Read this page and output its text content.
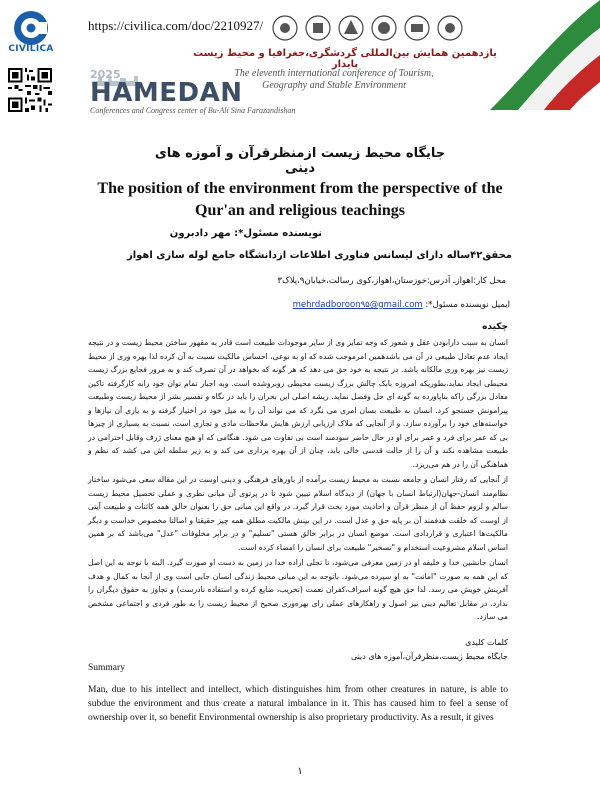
CIVILICA
https://civilica.com/doc/2210927/
یازدهمین همایش بین‌المللی گردشگری،جغرافیا و محیط زیست پایدار
The eleventh international conference of Tourism,
Geography and Stable Environment
2025
HAMEDAN
Conferences and Congress center of Bu-Ali Sina Farazandishan
جایگاه محیط زیست ازمنظرقرآن و آموزه های دینی
The position of the environment from the perspective of the Qur'an and religious teachings
نویسنده مسئول*: مهر دادبرون
محقق۴۲ساله دارای لیسانس فناوری اطلاعات ازدانشگاه جامع لوله سازی اهواز
محل کار:اهوازـ آدرس:خوزستان،اهواز،کوی رسالت،خیابان۹،پلاک۳
ایمیل نویسنده مسئول*: mehrdadboroon۹۵@gmail.com
چکیده

انسان به سبب دارابودن عقل و شعور که وجه تمایز وی از سایر موجودات طبیعت است قادر به مقهور ساختن محیط زیست و در نتیجه ایجاد عدم تعادل طبیعی در آن می باشدهمین امرموجب شده که او به نوعی، احساس مالکیت نسبت به آن کرده لذا بهره وری از محیط زیست نیز بهره وری مالکانه باشد. در نتیجه به خود حق می دهد که هر گونه که بخواهد در آن تصرف کند و به مرور فجایع بزرگ زیست محیطی ایجاد نماید،بطوریکه امروزه بابک چالش بزرگ زیست محیطی روبروشده است. وبه اجبار تمام توان خود رابه کارگرفته تاکین معادل بزرگی راکه بناپاورده به گونه ای حل وفصل نماید. ریشه اصلی این بحران را باید در نگاه و تفسیر بشر از محیط زیست وطبیعت پیرامونش جستجو کرد. انسان به طبیعت بسان امری می نگرد که می تواند آن را به میل خود در اختیار گرفته و به یاری آن نیازها و خواسته‌های خود را برآورده سازد. و از آنجایی که ملاک ارزیابی ارزش هایش ملاحظات مادی و تجاری است، نسبت به بسیاری از چیزها بی که عمر برای فرد و عمر برای او در حال حاضر سودمند است بی تفاوت می شود. هنگامی که او هیچ معنای ژرف وقابل احترامی در طبیعت مشاهده نکند و آن را از حالت قدسی خالی یابد، چنان از آن بهره برداری می کند و به زیر سلطه اش می کشد که نظم و هماهنگی آن را در هم می‌ریزد.

از آنجایی که رفتار انسان و جامعه نسبت به محیط زیست برآمده از باورهای فرهنگی و دینی اوست در این مقاله سعی می‌شود ساختار نظام‌مند انسان-جهان(ارتباط انسان با جهان) از دیدگاه اسلام تبیین شود تا در پرتوی آن مبانی نظری و عملی تحصیل محیط زیست سالم و لزوم حفظ آن از منظر قرآن و احادیث مورد بحث قرار گیرد. در واقع این مبانی حق را بعنوان خالق همه کائنات و طبیعت آیتی از اوست که خلقت هدفمند آن بر پایه حق و عدل است. در این بینش مالکیت مطلق همه چیز حقیقتا و اصالتا مخصوص خداست و دیگر مالکیت‌ها اعتباری و قراردادی است. موضع انسان در برابر خالق هستی "تسلیم" و در برابر مخلوقات "عدل" می‌باشد که بر همین اساس اسلام مشروعیت استخدام و "تسخیر" طبیعت برای انسان را امضاء کرده است.

انسان جانشین خدا و خلیفه او در زمین معرفی می‌شود، تا تجلی اراده خدا در زمین به دست او صورت گیرد. البته با توجه به این اصل که این همه به صورت "امانت" به او سپرده می‌شود. باتوجه به این مبانی محیط زندگی انسان جایی است وی از آنجا به کمال و هدف آفرینش خویش می رسد. لذا حق هیچ گونه اسراف،کفران نعمت (تخریب، ضایع کرده و استفاده نادرست) و تجاوز به حقوق دیگران را ندارد. در مقابل تعالیم دینی نیز اصول و راهکارهای عملی رای بهره‌وری صحیح از محیط زیست را به طور فردی و اجتماعی مشخص می سازد.

کلمات کلیدی
جایگاه محیط زیست،منظرقرآن،آموزه های دینی
Summary
Man, due to his intellect and intellect, which distinguishes him from other creatures in nature, is able to subdue the environment and thus create a natural imbalance in it. This has caused him to feel a sense of ownership over it, so benefit Environmental ownership is also proprietary productivity. As a result, it gives
۱
